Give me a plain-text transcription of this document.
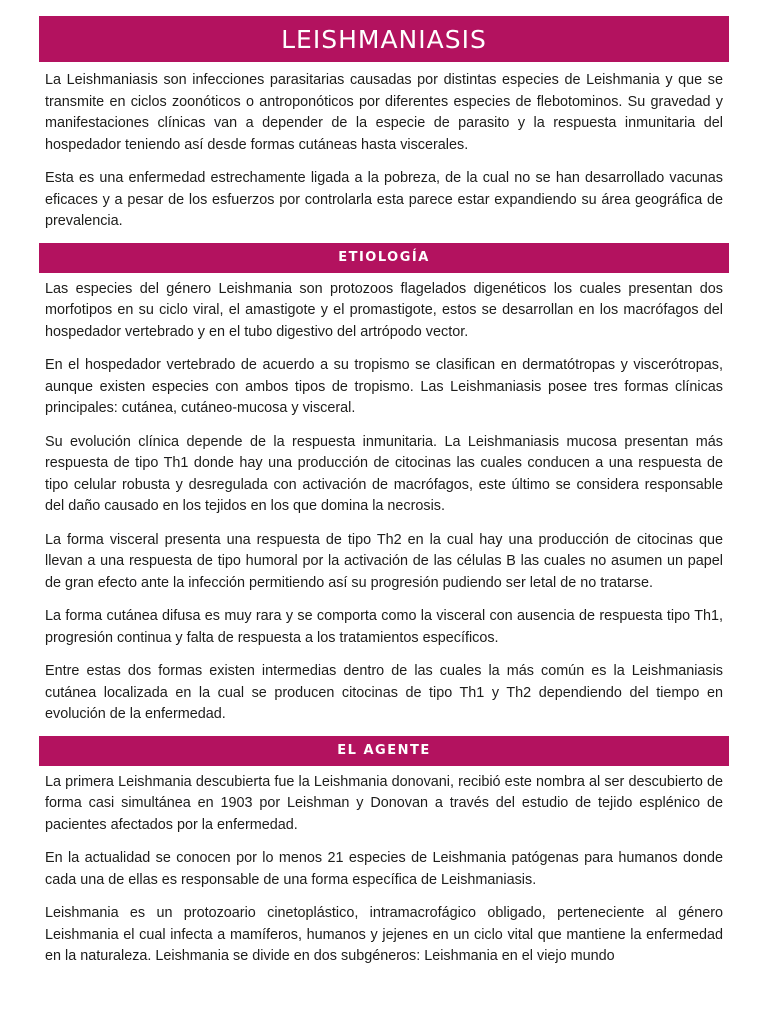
LEISHMANIASIS

La Leishmaniasis son infecciones parasitarias causadas por distintas especies de Leishmania y que se transmite en ciclos zoonóticos o antroponóticos por diferentes especies de flebotominos. Su gravedad y manifestaciones clínicas van a depender de la especie de parasito y la respuesta inmunitaria del hospedador teniendo así desde formas cutáneas hasta viscerales.

Esta es una enfermedad estrechamente ligada a la pobreza, de la cual no se han desarrollado vacunas eficaces y a pesar de los esfuerzos por controlarla esta parece estar expandiendo su área geográfica de prevalencia.

ETIOLOGÍA

Las especies del género Leishmania son protozoos flagelados digenéticos los cuales presentan dos morfotipos en su ciclo viral, el amastigote y el promastigote, estos se desarrollan en los macrófagos del hospedador vertebrado y en el tubo digestivo del artrópodo vector.

En el hospedador vertebrado de acuerdo a su tropismo se clasifican en dermatótropas y viscerótropas, aunque existen especies con ambos tipos de tropismo. Las Leishmaniasis posee tres formas clínicas principales: cutánea, cutáneo-mucosa y visceral.

Su evolución clínica depende de la respuesta inmunitaria. La Leishmaniasis mucosa presentan más respuesta de tipo Th1 donde hay una producción de citocinas las cuales conducen a una respuesta de tipo celular robusta y desregulada con activación de macrófagos, este último se considera responsable del daño causado en los tejidos en los que domina la necrosis.

La forma visceral presenta una respuesta de tipo Th2 en la cual hay una producción de citocinas que llevan a una respuesta de tipo humoral por la activación de las células B las cuales no asumen un papel de gran efecto ante la infección permitiendo así su progresión pudiendo ser letal de no tratarse.

La forma cutánea difusa es muy rara y se comporta como la visceral con ausencia de respuesta tipo Th1, progresión continua y falta de respuesta a los tratamientos específicos.

Entre estas dos formas existen intermedias dentro de las cuales la más común es la Leishmaniasis cutánea localizada en la cual se producen citocinas de tipo Th1 y Th2 dependiendo del tiempo en evolución de la enfermedad.

EL AGENTE

La primera Leishmania descubierta fue la Leishmania donovani, recibió este nombra al ser descubierto de forma casi simultánea en 1903 por Leishman y Donovan a través del estudio de tejido esplénico de pacientes afectados por la enfermedad.

En la actualidad se conocen por lo menos 21 especies de Leishmania patógenas para humanos donde cada una de ellas es responsable de una forma específica de Leishmaniasis.

Leishmania es un protozoario cinetoplástico, intramacrofágico obligado, perteneciente al género Leishmania el cual infecta a mamíferos, humanos y jejenes en un ciclo vital que mantiene la enfermedad en la naturaleza. Leishmania se divide en dos subgéneros: Leishmania en el viejo mundo
